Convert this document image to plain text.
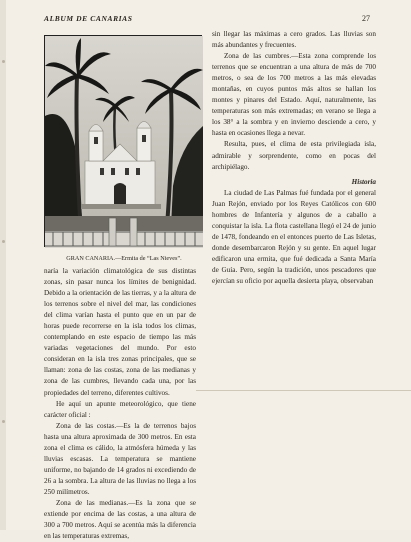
ALBUM DE CANARIAS	27
GRAN CANARIA.—Ermita de “Las Nieves”.

sin llegar las máximas a cero grados. Las lluvias son más abundantes y frecuentes.

Zona de las cumbres.—Esta zona comprende los terrenos que se encuentran a una altura de más de 700 metros, o sea de los 700 metros a las más elevadas montañas, en cuyos puntos más altos se hallan los montes y pinares del Estado. Aquí, naturalmente, las temperaturas son más extremadas; en verano se llega a los 38° a la sombra y en invierno desciende a cero, y hasta en ocasiones llega a nevar.

Resulta, pues, el clima de esta privilegiada isla, admirable y sorprendente, como en pocas del archipiélago.

Historia

La ciudad de Las Palmas fué fundada por el general Juan Rejón, enviado por los Reyes Católicos con 600 hombres de Infantería y algunos de a caballo a conquistar la isla. La flota castellana llegó el 24 de junio de 1478, fondeando en el entonces puerto de Las Isletas, donde desembarcaron Rejón y su gente. En aquel lugar edificaron una ermita, que fué dedicada a Santa María de Guía. Pero, según la tradición, unos pescadores que ejercían su oficio por aquella desierta playa, observaban

naría la variación climatológica de sus distintas zonas, sin pasar nunca los límites de benignidad. Debido a la orientación de las tierras, y a la altura de los terrenos sobre el nivel del mar, las condiciones del clima varían hasta el punto que en un par de horas puede recorrerse en la isla todos los climas, contemplando en este espacio de tiempo las más variadas vegetaciones del mundo. Por esto consideran en la isla tres zonas principales, que se llaman: zona de las costas, zona de las medianas y zona de las cumbres, llevando cada una, por las propiedades del terreno, diferentes cultivos.

He aquí un apunte meteorológico, que tiene carácter oficial :

Zona de las costas.—Es la de terrenos bajos hasta una altura aproximada de 300 metros. En esta zona el clima es cálido, la atmósfera húmeda y las lluvias escasas. La temperatura se mantiene uniforme, no bajando de 14 grados ni excediendo de 26 a la sombra. La altura de las lluvias no llega a los 250 milímetros.

Zona de las medianas.—Es la zona que se extiende por encima de las costas, a una altura de 300 a 700 metros. Aquí se acentúa más la diferencia en las temperaturas extremas,
